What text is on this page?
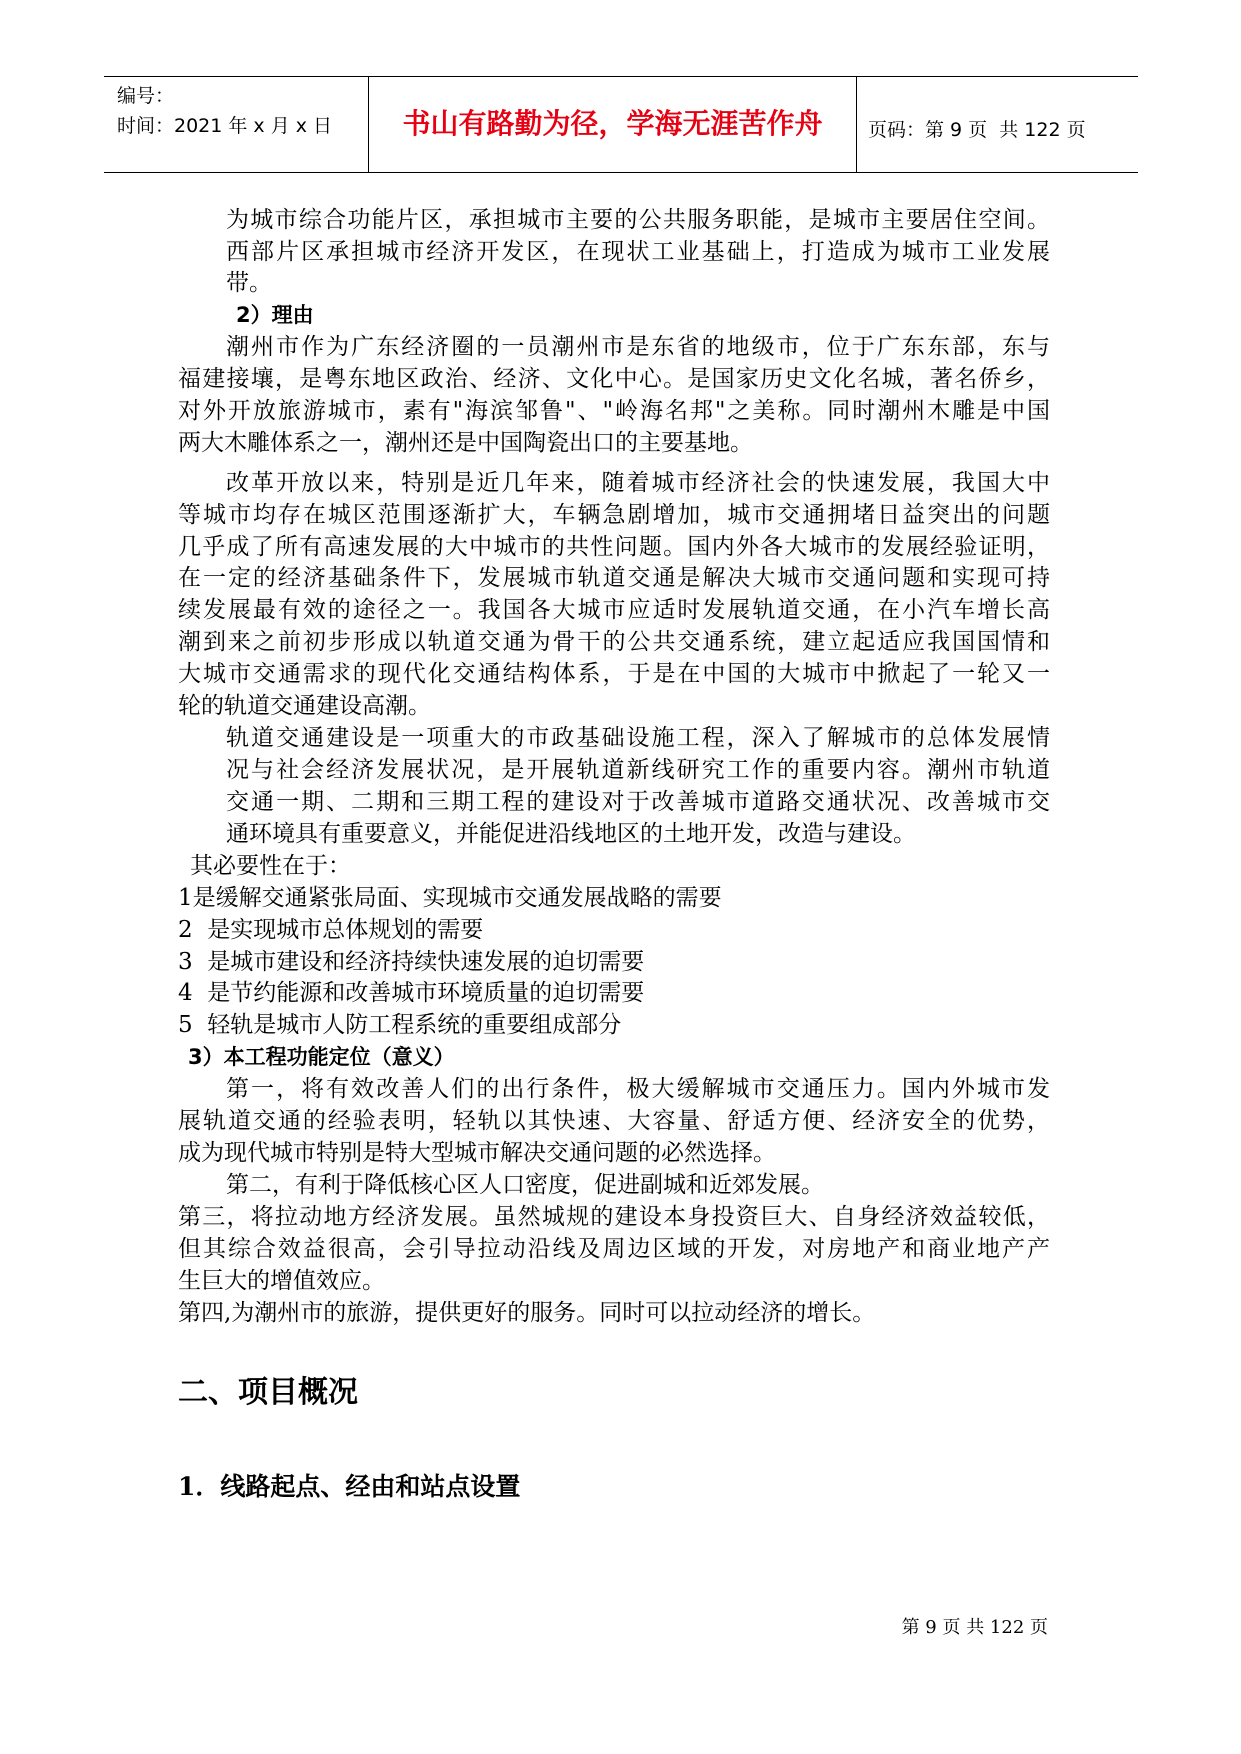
编号：
时间：2021 年 x 月 x 日	书山有路勤为径，学海无涯苦作舟	页码：第 9 页  共 122 页
为城市综合功能片区，承担城市主要的公共服务职能，是城市主要居住空间。
西部片区承担城市经济开发区，在现状工业基础上，打造成为城市工业发展
带。
2）理由
潮州市作为广东经济圈的一员潮州市是东省的地级市，位于广东东部，东与
福建接壤，是粤东地区政治、经济、文化中心。是国家历史文化名城，著名侨乡，
对外开放旅游城市，素有"海滨邹鲁"、"岭海名邦"之美称。同时潮州木雕是中国
两大木雕体系之一，潮州还是中国陶瓷出口的主要基地。
改革开放以来，特别是近几年来，随着城市经济社会的快速发展，我国大中
等城市均存在城区范围逐渐扩大，车辆急剧增加，城市交通拥堵日益突出的问题
几乎成了所有高速发展的大中城市的共性问题。国内外各大城市的发展经验证明，
在一定的经济基础条件下，发展城市轨道交通是解决大城市交通问题和实现可持
续发展最有效的途径之一。我国各大城市应适时发展轨道交通，在小汽车增长高
潮到来之前初步形成以轨道交通为骨干的公共交通系统，建立起适应我国国情和
大城市交通需求的现代化交通结构体系，于是在中国的大城市中掀起了一轮又一
轮的轨道交通建设高潮。
轨道交通建设是一项重大的市政基础设施工程，深入了解城市的总体发展情
况与社会经济发展状况，是开展轨道新线研究工作的重要内容。潮州市轨道
交通一期、二期和三期工程的建设对于改善城市道路交通状况、改善城市交
通环境具有重要意义，并能促进沿线地区的土地开发，改造与建设。
其必要性在于：
1是缓解交通紧张局面、实现城市交通发展战略的需要
2  是实现城市总体规划的需要
3  是城市建设和经济持续快速发展的迫切需要
4  是节约能源和改善城市环境质量的迫切需要
5  轻轨是城市人防工程系统的重要组成部分
3）本工程功能定位（意义）
第一，将有效改善人们的出行条件，极大缓解城市交通压力。国内外城市发
展轨道交通的经验表明，轻轨以其快速、大容量、舒适方便、经济安全的优势，
成为现代城市特别是特大型城市解决交通问题的必然选择。
第二，有利于降低核心区人口密度，促进副城和近郊发展。
第三，将拉动地方经济发展。虽然城规的建设本身投资巨大、自身经济效益较低，
但其综合效益很高，会引导拉动沿线及周边区域的开发，对房地产和商业地产产
生巨大的增值效应。
第四,为潮州市的旅游，提供更好的服务。同时可以拉动经济的增长。
二、项目概况
1．线路起点、经由和站点设置
第 9 页 共 122 页
